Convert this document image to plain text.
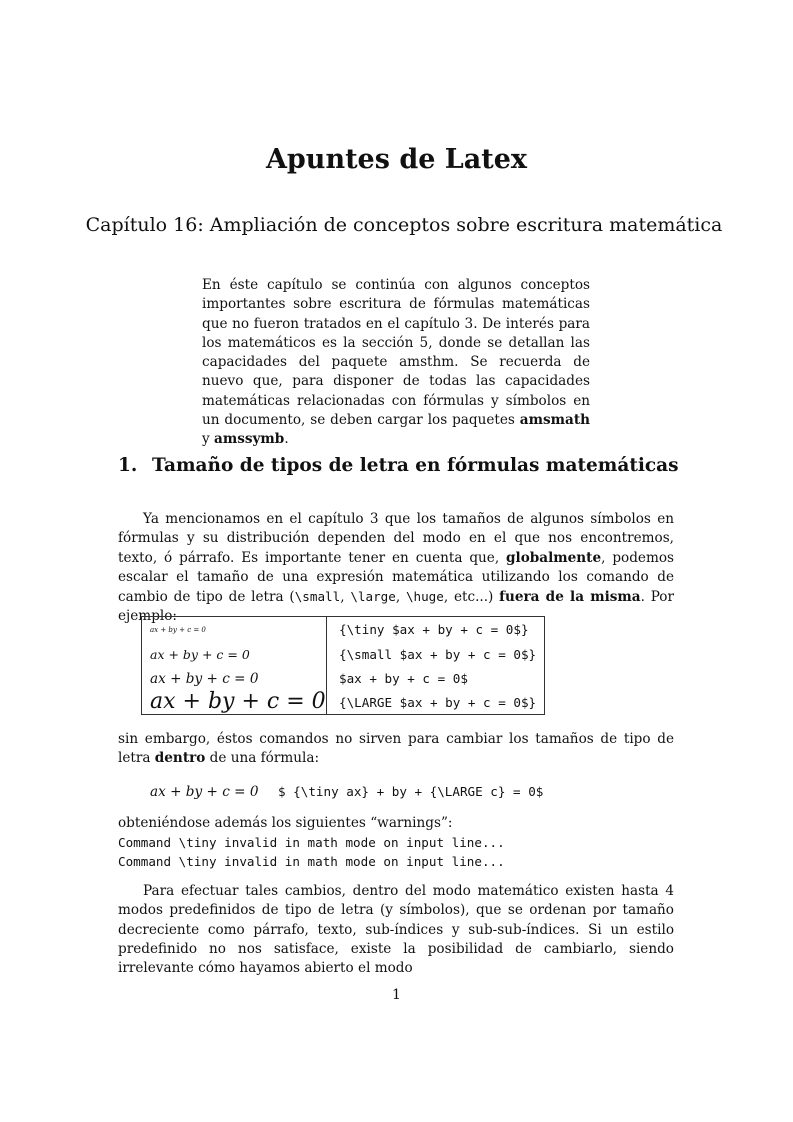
Apuntes de Latex
Capítulo 16: Ampliación de conceptos sobre escritura matemática
En éste capítulo se continúa con algunos conceptos importantes sobre escritura de fórmulas matemáticas que no fueron tratados en el capítulo 3. De interés para los matemáticos es la sección 5, donde se detallan las capacidades del paquete amsthm. Se recuerda de nuevo que, para disponer de todas las capacidades matemáticas relacionadas con fórmulas y símbolos en un documento, se deben cargar los paquetes amsmath y amssymb.
1. Tamaño de tipos de letra en fórmulas matemáticas
Ya mencionamos en el capítulo 3 que los tamaños de algunos símbolos en fórmulas y su distribución dependen del modo en el que nos encontremos, texto, ó párrafo. Es importante tener en cuenta que, globalmente, podemos escalar el tamaño de una expresión matemática utilizando los comando de cambio de tipo de letra (\small, \large, \huge, etc...) fuera de la misma. Por ejemplo:
ax + by + c = 0	{\tiny $ax + by + c = 0$}
ax + by + c = 0	{\small $ax + by + c = 0$}
ax + by + c = 0	$ax + by + c = 0$
ax + by + c = 0	{\LARGE $ax + by + c = 0$}
sin embargo, éstos comandos no sirven para cambiar los tamaños de tipo de letra dentro de una fórmula:
ax + by + c = 0 $ {\tiny ax} + by + {\LARGE c} = 0$
obteniéndose además los siguientes “warnings”:
Command \tiny invalid in math mode on input line...
Command \tiny invalid in math mode on input line...
Para efectuar tales cambios, dentro del modo matemático existen hasta 4 modos predefinidos de tipo de letra (y símbolos), que se ordenan por tamaño decreciente como párrafo, texto, sub-índices y sub-sub-índices. Si un estilo predefinido no nos satisface, existe la posibilidad de cambiarlo, siendo irrelevante cómo hayamos abierto el modo
1
